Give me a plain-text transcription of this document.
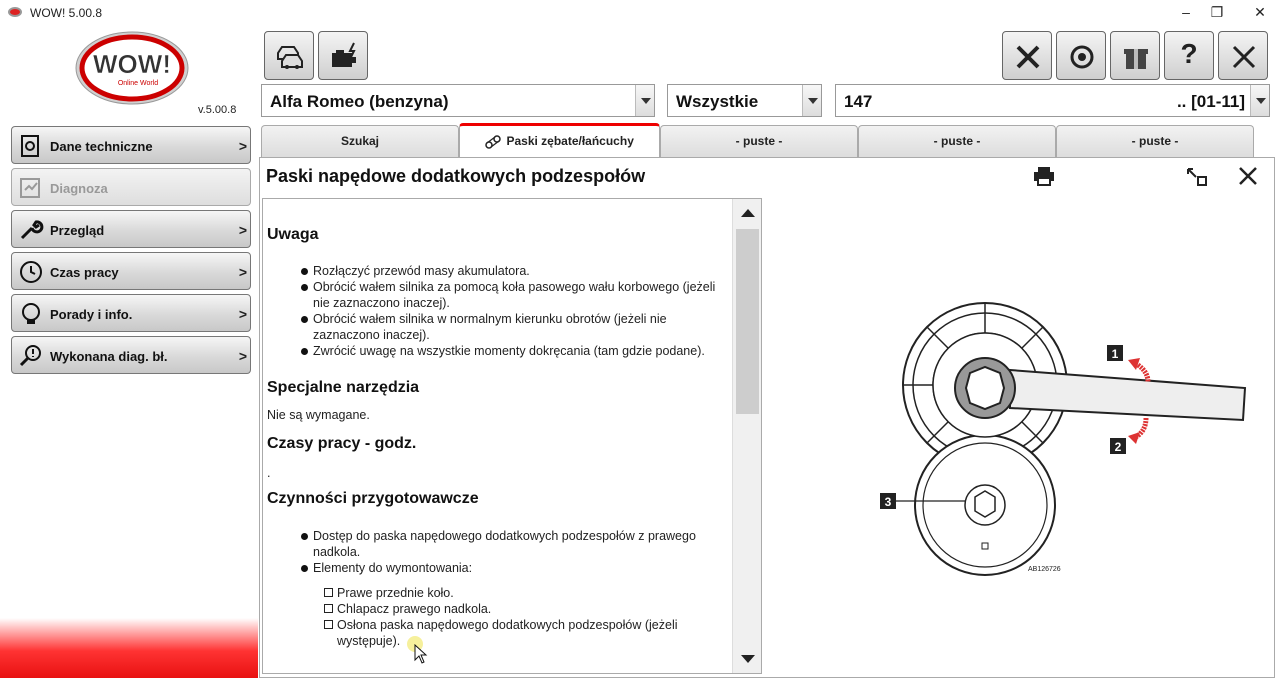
WOW! 5.00.8	–	❐	✕
WOW!
Online World
v.5.00.8
Dane techniczne	>
Diagnoza
Przegląd	>
Czas pracy	>
Porady i info.	>
Wykonana diag. bł.	>
?
Alfa Romeo (benzyna)	Wszystkie	147	.. [01-11]
Szukaj	Paski zębate/łańcuchy	- puste -	- puste -	- puste -
Paski napędowe dodatkowych podzespołów
Uwaga
Rozłączyć przewód masy akumulatora.
Obrócić wałem silnika za pomocą koła pasowego wału korbowego (jeżeli nie zaznaczono inaczej).
Obrócić wałem silnika w normalnym kierunku obrotów (jeżeli nie zaznaczono inaczej).
Zwrócić uwagę na wszystkie momenty dokręcania (tam gdzie podane).
Specjalne narzędzia
Nie są wymagane.
Czasy pracy - godz.
.
Czynności przygotowawcze
Dostęp do paska napędowego dodatkowych podzespołów z prawego nadkola.
Elementy do wymontowania:
Prawe przednie koło.
Chlapacz prawego nadkola.
Osłona paska napędowego dodatkowych podzespołów (jeżeli występuje).
1
2
3
AB126726
